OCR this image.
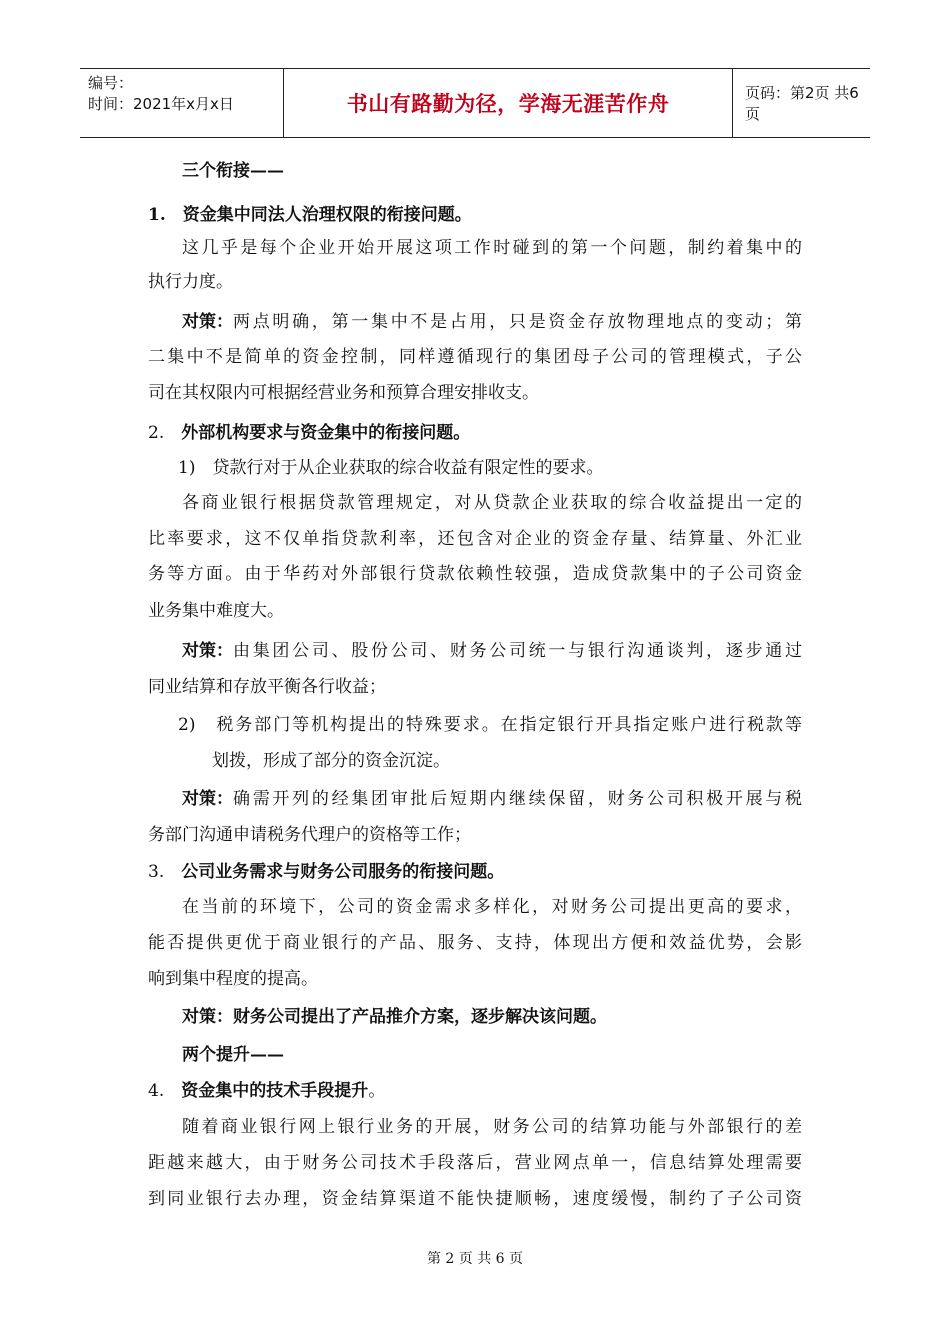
编号：
时间：2021年x月x日	书山有路勤为径，学海无涯苦作舟	页码：第2页 共6页
三个衔接——
1.　资金集中同法人治理权限的衔接问题。
这几乎是每个企业开始开展这项工作时碰到的第一个问题，制约着集中的
执行力度。
对策： 两点明确，第一集中不是占用，只是资金存放物理地点的变动；第
二集中不是简单的资金控制，同样遵循现行的集团母子公司的管理模式，子公
司在其权限内可根据经营业务和预算合理安排收支。
2.　外部机构要求与资金集中的衔接问题。
1)　贷款行对于从企业获取的综合收益有限定性的要求。
各商业银行根据贷款管理规定，对从贷款企业获取的综合收益提出一定的
比率要求，这不仅单指贷款利率，还包含对企业的资金存量、结算量、外汇业
务等方面。由于华药对外部银行贷款依赖性较强，造成贷款集中的子公司资金
业务集中难度大。
对策： 由集团公司、股份公司、财务公司统一与银行沟通谈判，逐步通过
同业结算和存放平衡各行收益；
2)　税务部门等机构提出的特殊要求。在指定银行开具指定账户进行税款等
划拨，形成了部分的资金沉淀。
对策： 确需开列的经集团审批后短期内继续保留，财务公司积极开展与税
务部门沟通申请税务代理户的资格等工作；
3.　公司业务需求与财务公司服务的衔接问题。
在当前的环境下，公司的资金需求多样化，对财务公司提出更高的要求，
能否提供更优于商业银行的产品、服务、支持，体现出方便和效益优势，会影
响到集中程度的提高。
对策：财务公司提出了产品推介方案，逐步解决该问题。
两个提升——
4.　资金集中的技术手段提升。
随着商业银行网上银行业务的开展，财务公司的结算功能与外部银行的差
距越来越大，由于财务公司技术手段落后，营业网点单一，信息结算处理需要
到同业银行去办理，资金结算渠道不能快捷顺畅，速度缓慢，制约了子公司资
第 2 页 共 6 页
